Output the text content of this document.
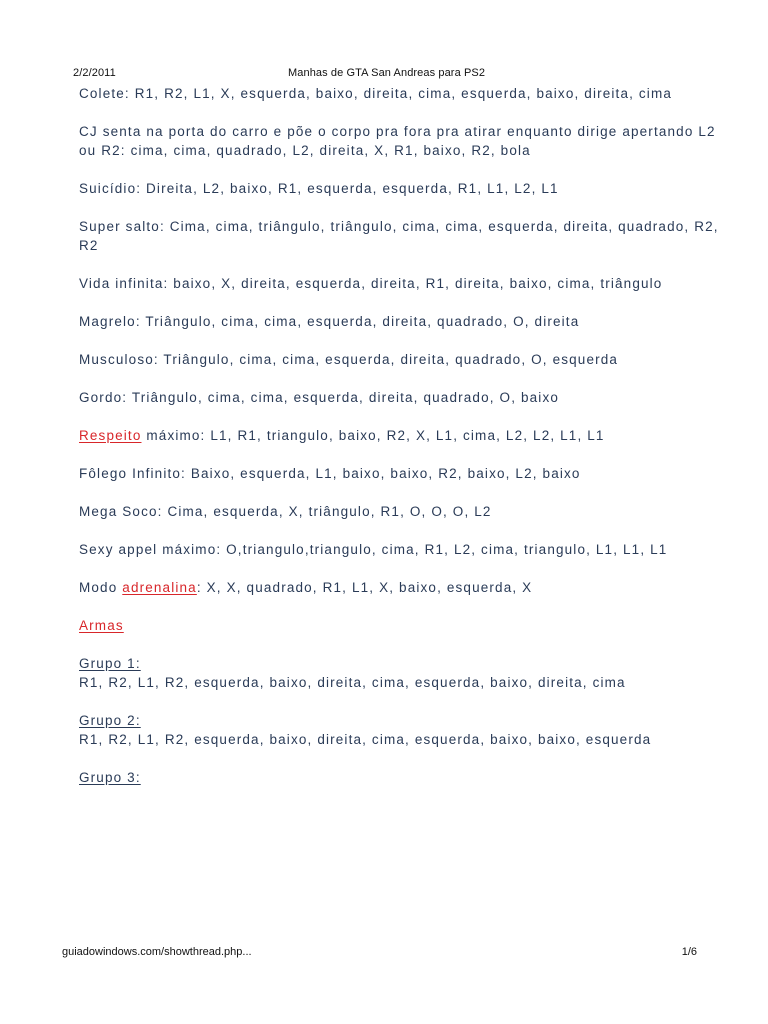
2/2/2011	Manhas de GTA San Andreas para PS2

Colete: R1, R2, L1, X, esquerda, baixo, direita, cima, esquerda, baixo, direita, cima

CJ senta na porta do carro e põe o corpo pra fora pra atirar enquanto dirige apertando L2 ou R2: cima, cima, quadrado, L2, direita, X, R1, baixo, R2, bola

Suicídio: Direita, L2, baixo, R1, esquerda, esquerda, R1, L1, L2, L1

Super salto: Cima, cima, triângulo, triângulo, cima, cima, esquerda, direita, quadrado, R2, R2

Vida infinita: baixo, X, direita, esquerda, direita, R1, direita, baixo, cima, triângulo

Magrelo: Triângulo, cima, cima, esquerda, direita, quadrado, O, direita

Musculoso: Triângulo, cima, cima, esquerda, direita, quadrado, O, esquerda

Gordo: Triângulo, cima, cima, esquerda, direita, quadrado, O, baixo

Respeito máximo: L1, R1, triangulo, baixo, R2, X, L1, cima, L2, L2, L1, L1

Fôlego Infinito: Baixo, esquerda, L1, baixo, baixo, R2, baixo, L2, baixo

Mega Soco: Cima, esquerda, X, triângulo, R1, O, O, O, L2

Sexy appel máximo: O,triangulo,triangulo, cima, R1, L2, cima, triangulo, L1, L1, L1

Modo adrenalina: X, X, quadrado, R1, L1, X, baixo, esquerda, X

Armas

Grupo 1:

R1, R2, L1, R2, esquerda, baixo, direita, cima, esquerda, baixo, direita, cima

Grupo 2:

R1, R2, L1, R2, esquerda, baixo, direita, cima, esquerda, baixo, baixo, esquerda

Grupo 3:

guiadowindows.com/showthread.php...	1/6
